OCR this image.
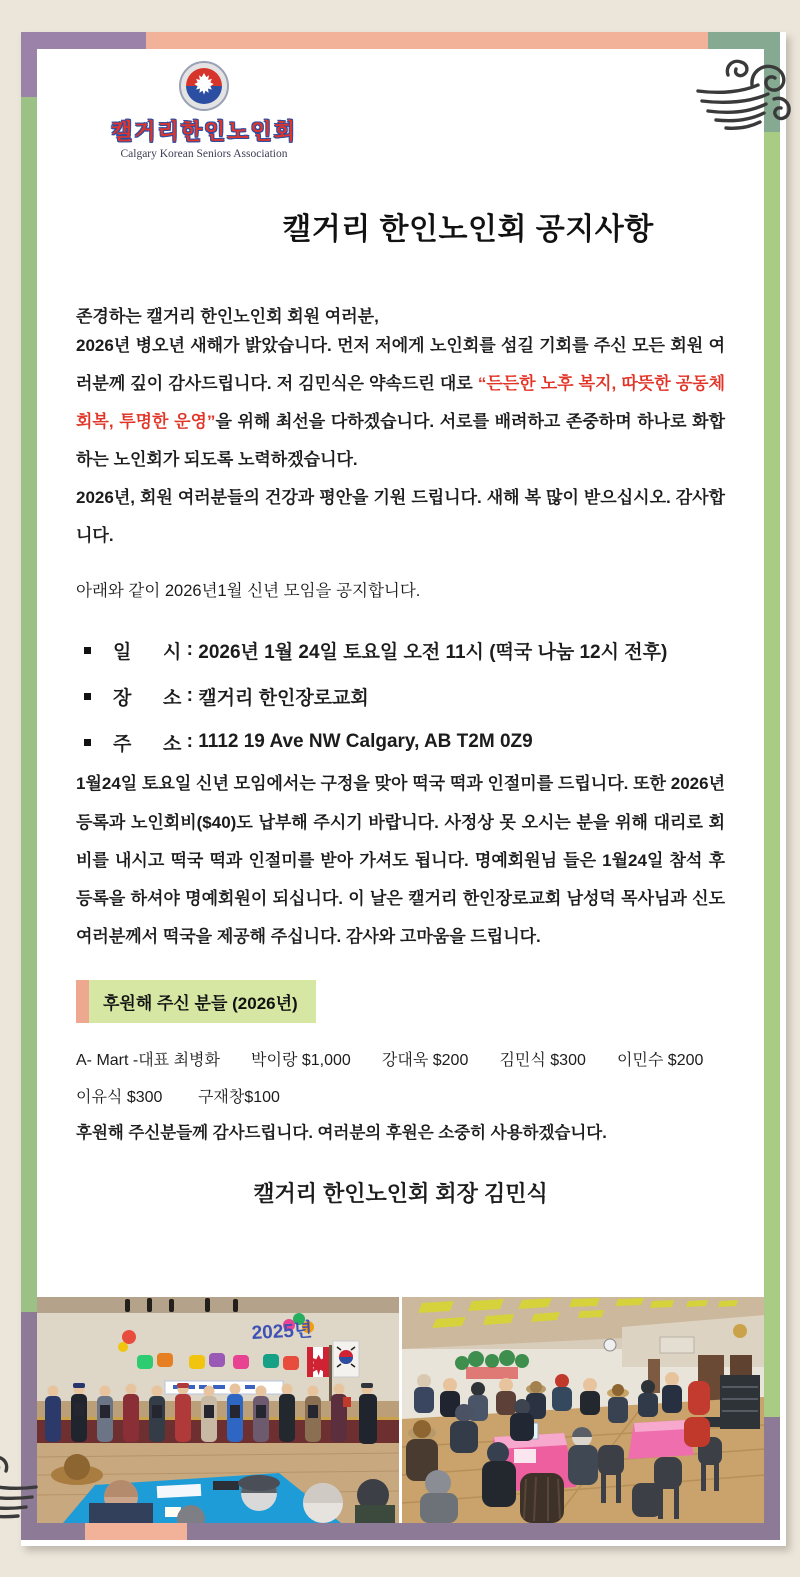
캘거리한인노인회
Calgary Korean Seniors Association
캘거리 한인노인회 공지사항
존경하는 캘거리 한인노인회 회원 여러분,

2026년 병오년 새해가 밝았습니다. 먼저 저에게 노인회를 섬길 기회를 주신 모든 회원 여러분께 깊이 감사드립니다. 저 김민식은 약속드린 대로 “든든한 노후 복지, 따뜻한 공동체 회복, 투명한 운영”을 위해 최선을 다하겠습니다. 서로를 배려하고 존중하며 하나로 화합하는 노인회가 되도록 노력하겠습니다.

2026년, 회원 여러분들의 건강과 평안을 기원 드립니다. 새해 복 많이 받으십시오. 감사합니다.

아래와 같이 2026년1월 신년 모임을 공지합니다.
일      시 : 2026년 1월 24일 토요일 오전 11시 (떡국 나눔 12시 전후)
장      소 : 캘거리 한인장로교회
주      소 : 1112 19 Ave NW Calgary, AB T2M 0Z9

1월24일 토요일 신년 모임에서는 구정을 맞아 떡국 떡과 인절미를 드립니다. 또한 2026년 등록과 노인회비($40)도 납부해 주시기 바랍니다. 사정상 못 오시는 분을 위해 대리로 회비를 내시고 떡국 떡과 인절미를 받아 가셔도 됩니다. 명예회원님 들은 1월24일 참석 후 등록을 하셔야 명예회원이 되십니다. 이 날은 캘거리 한인장로교회 남성덕 목사님과 신도 여러분께서 떡국을 제공해 주십니다. 감사와 고마움을 드립니다.

후원해 주신 분들 (2026년)
A- Mart -대표 최병화       박이랑 $1,000       강대욱 $200       김민식 $300       이민수 $200
이유식 $300        구재창$100
후원해 주신분들께 감사드립니다. 여러분의 후원은 소중히 사용하겠습니다.
캘거리 한인노인회 회장 김민식
2025년
